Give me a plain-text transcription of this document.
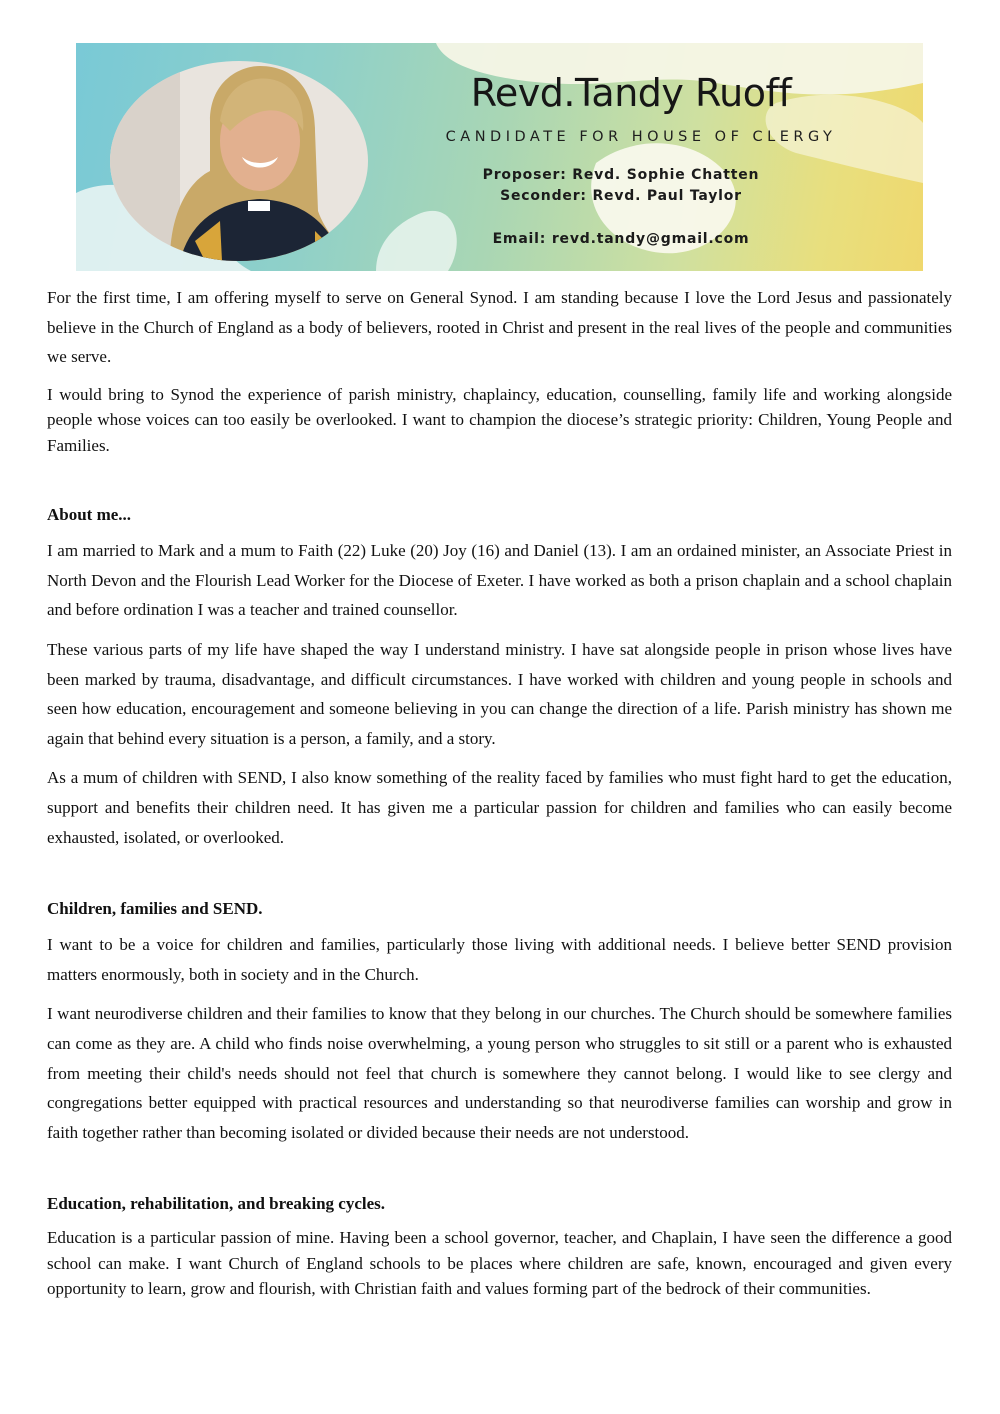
Revd.Tandy Ruoff
CANDIDATE FOR HOUSE OF CLERGY
Proposer: Revd. Sophie Chatten
Seconder: Revd. Paul Taylor
Email: revd.tandy@gmail.com

For the first time, I am offering myself to serve on General Synod. I am standing because I love the Lord Jesus and passionately believe in the Church of England as a body of believers, rooted in Christ and present in the real lives of the people and communities we serve.

I would bring to Synod the experience of parish ministry, chaplaincy, education, counselling, family life and working alongside people whose voices can too easily be overlooked. I want to champion the diocese’s strategic priority: Children, Young People and Families.

About me...

I am married to Mark and a mum to Faith (22) Luke (20) Joy (16) and Daniel (13). I am an ordained minister, an Associate Priest in North Devon and the Flourish Lead Worker for the Diocese of Exeter. I have worked as both a prison chaplain and a school chaplain and before ordination I was a teacher and trained counsellor.

These various parts of my life have shaped the way I understand ministry. I have sat alongside people in prison whose lives have been marked by trauma, disadvantage, and difficult circumstances. I have worked with children and young people in schools and seen how education, encouragement and someone believing in you can change the direction of a life. Parish ministry has shown me again that behind every situation is a person, a family, and a story.

As a mum of children with SEND, I also know something of the reality faced by families who must fight hard to get the education, support and benefits their children need. It has given me a particular passion for children and families who can easily become exhausted, isolated, or overlooked.

Children, families and SEND.

I want to be a voice for children and families, particularly those living with additional needs. I believe better SEND provision matters enormously, both in society and in the Church.

I want neurodiverse children and their families to know that they belong in our churches. The Church should be somewhere families can come as they are. A child who finds noise overwhelming, a young person who struggles to sit still or a parent who is exhausted from meeting their child's needs should not feel that church is somewhere they cannot belong. I would like to see clergy and congregations better equipped with practical resources and understanding so that neurodiverse families can worship and grow in faith together rather than becoming isolated or divided because their needs are not understood.

Education, rehabilitation, and breaking cycles.

Education is a particular passion of mine. Having been a school governor, teacher, and Chaplain, I have seen the difference a good school can make. I want Church of England schools to be places where children are safe, known, encouraged and given every opportunity to learn, grow and flourish, with Christian faith and values forming part of the bedrock of their communities.
